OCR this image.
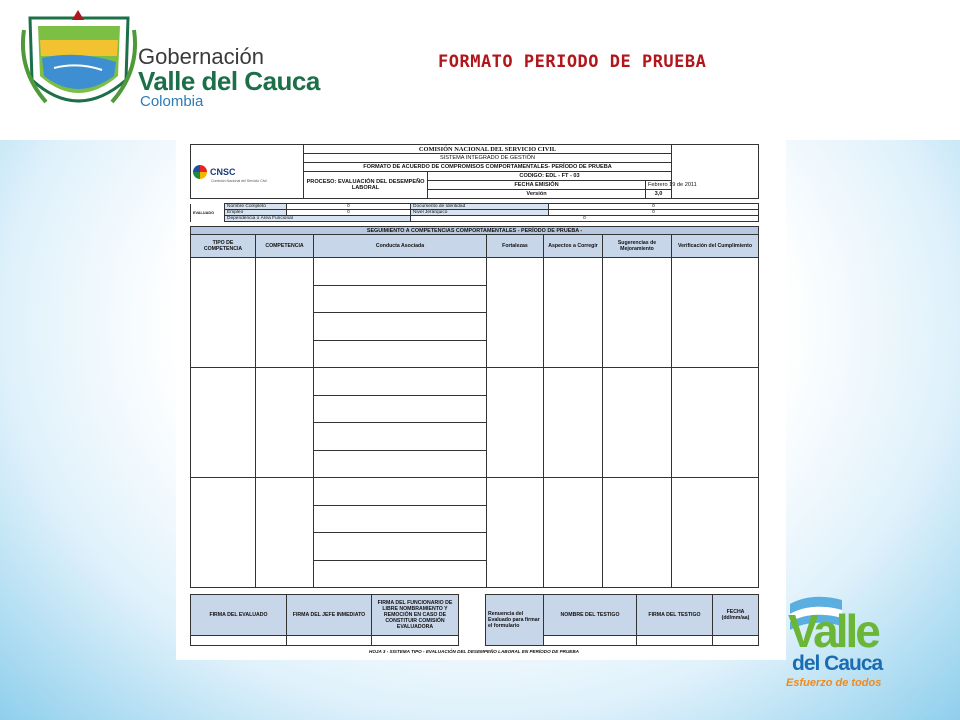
Gobernación
Valle del Cauca
Colombia
FORMATO PERIODO DE PRUEBA
CNSC
Comisión Nacional del Servicio Civil	COMISIÓN NACIONAL DEL SERVICIO CIVIL			
	SISTEMA INTEGRADO DE GESTIÓN			
	FORMATO DE ACUERDO DE COMPROMISOS COMPORTAMENTALES- PERÍODO DE PRUEBA			
	PROCESO: EVALUACIÓN DEL DESEMPEÑO LABORAL	CODIGO: EDL - FT - 03		
		FECHA EMISIÓN	Febrero 19 de 2011	
		Versión	3,0	
EVALUADO	Nombre Completo	0	Documento de Identidad	0
	Empleo	0	Nivel Jerárquico	0
	Dependencia o Área Funcional		0	
SEGUIMIENTO A COMPETENCIAS COMPORTAMENTALES - PERÍODO DE PRUEBA -						
TIPO DE COMPETENCIA	COMPETENCIA	Conducta Asociada	Fortalezas	Aspectos a Corregir	Sugerencias de Mejoramiento	Verificación del Cumplimiento

FIRMA DEL EVALUADO	FIRMA DEL JEFE INMEDIATO	FIRMA DEL FUNCIONARIO DE LIBRE NOMBRAMIENTO Y REMOCIÓN EN CASO DE CONSTITUIR COMISIÓN EVALUADORA		Renuencia del Evaluado para firmar el formulario	NOMBRE DEL TESTIGO	FIRMA DEL TESTIGO	FECHA (dd/mm/aa)

HOJA 3 - SISTEMA TIPO - EVALUACIÓN DEL DESEMPEÑO LABORAL EN PERÍODO DE PRUEBA	Valle
del Cauca
Esfuerzo de todos
